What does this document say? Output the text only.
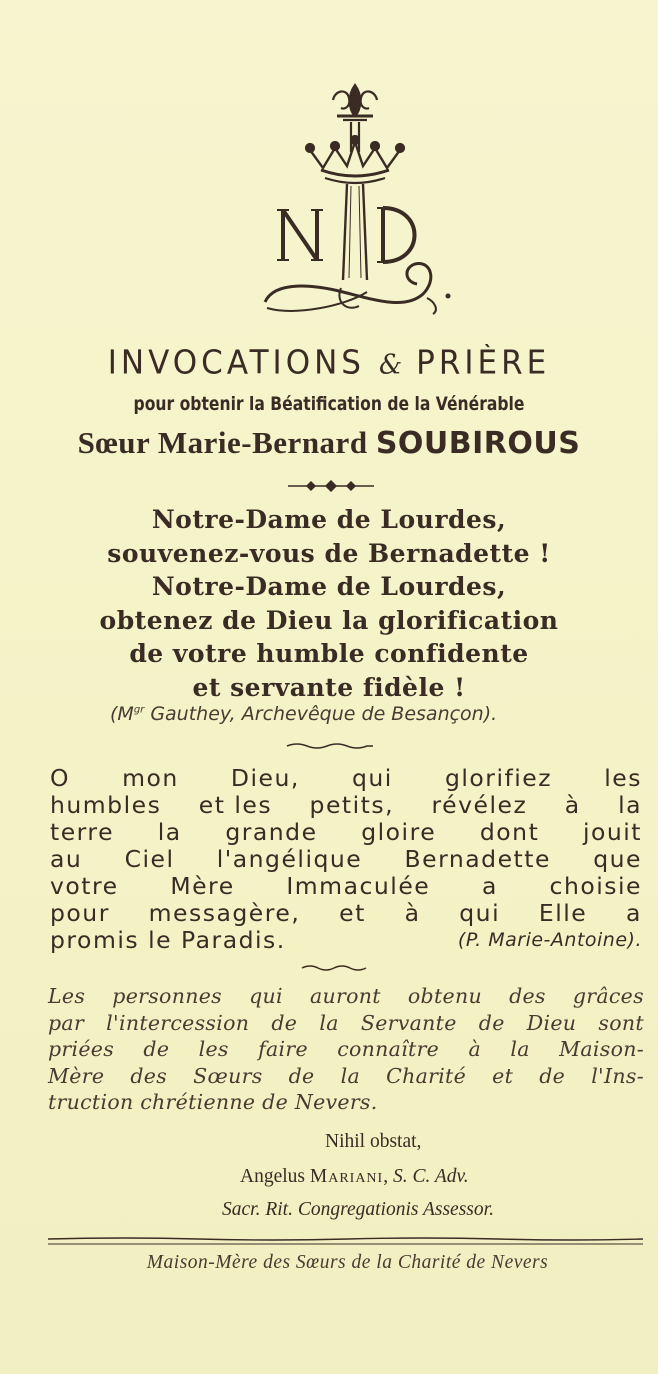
INVOCATIONS & PRIÈRE
pour obtenir la Béatification de la Vénérable
Sœur Marie-Bernard SOUBIROUS
Notre-Dame de Lourdes,
souvenez-vous de Bernadette !
Notre-Dame de Lourdes,
obtenez de Dieu la glorification
de votre humble confidente
et servante fidèle !
($M^{gr}$ Gauthey, Archevêque de Besançon).
O mon Dieu, qui glorifiez les
humbles et les petits, révélez à la
terre la grande gloire dont jouit
au Ciel l'angélique Bernadette que
votre Mère Immaculée a choisie
pour messagère, et à qui Elle a
promis le Paradis.	(P. Marie-Antoine).
Les personnes qui auront obtenu des grâces
par l'intercession de la Servante de Dieu sont
priées de les faire connaître à la Maison-
Mère des Sœurs de la Charité et de l'Ins-
truction chrétienne de Nevers.
Nihil obstat,
Angelus Mariani, S. C. Adv.
Sacr. Rit. Congregationis Assessor.
Maison-Mère des Sœurs de la Charité de Nevers
